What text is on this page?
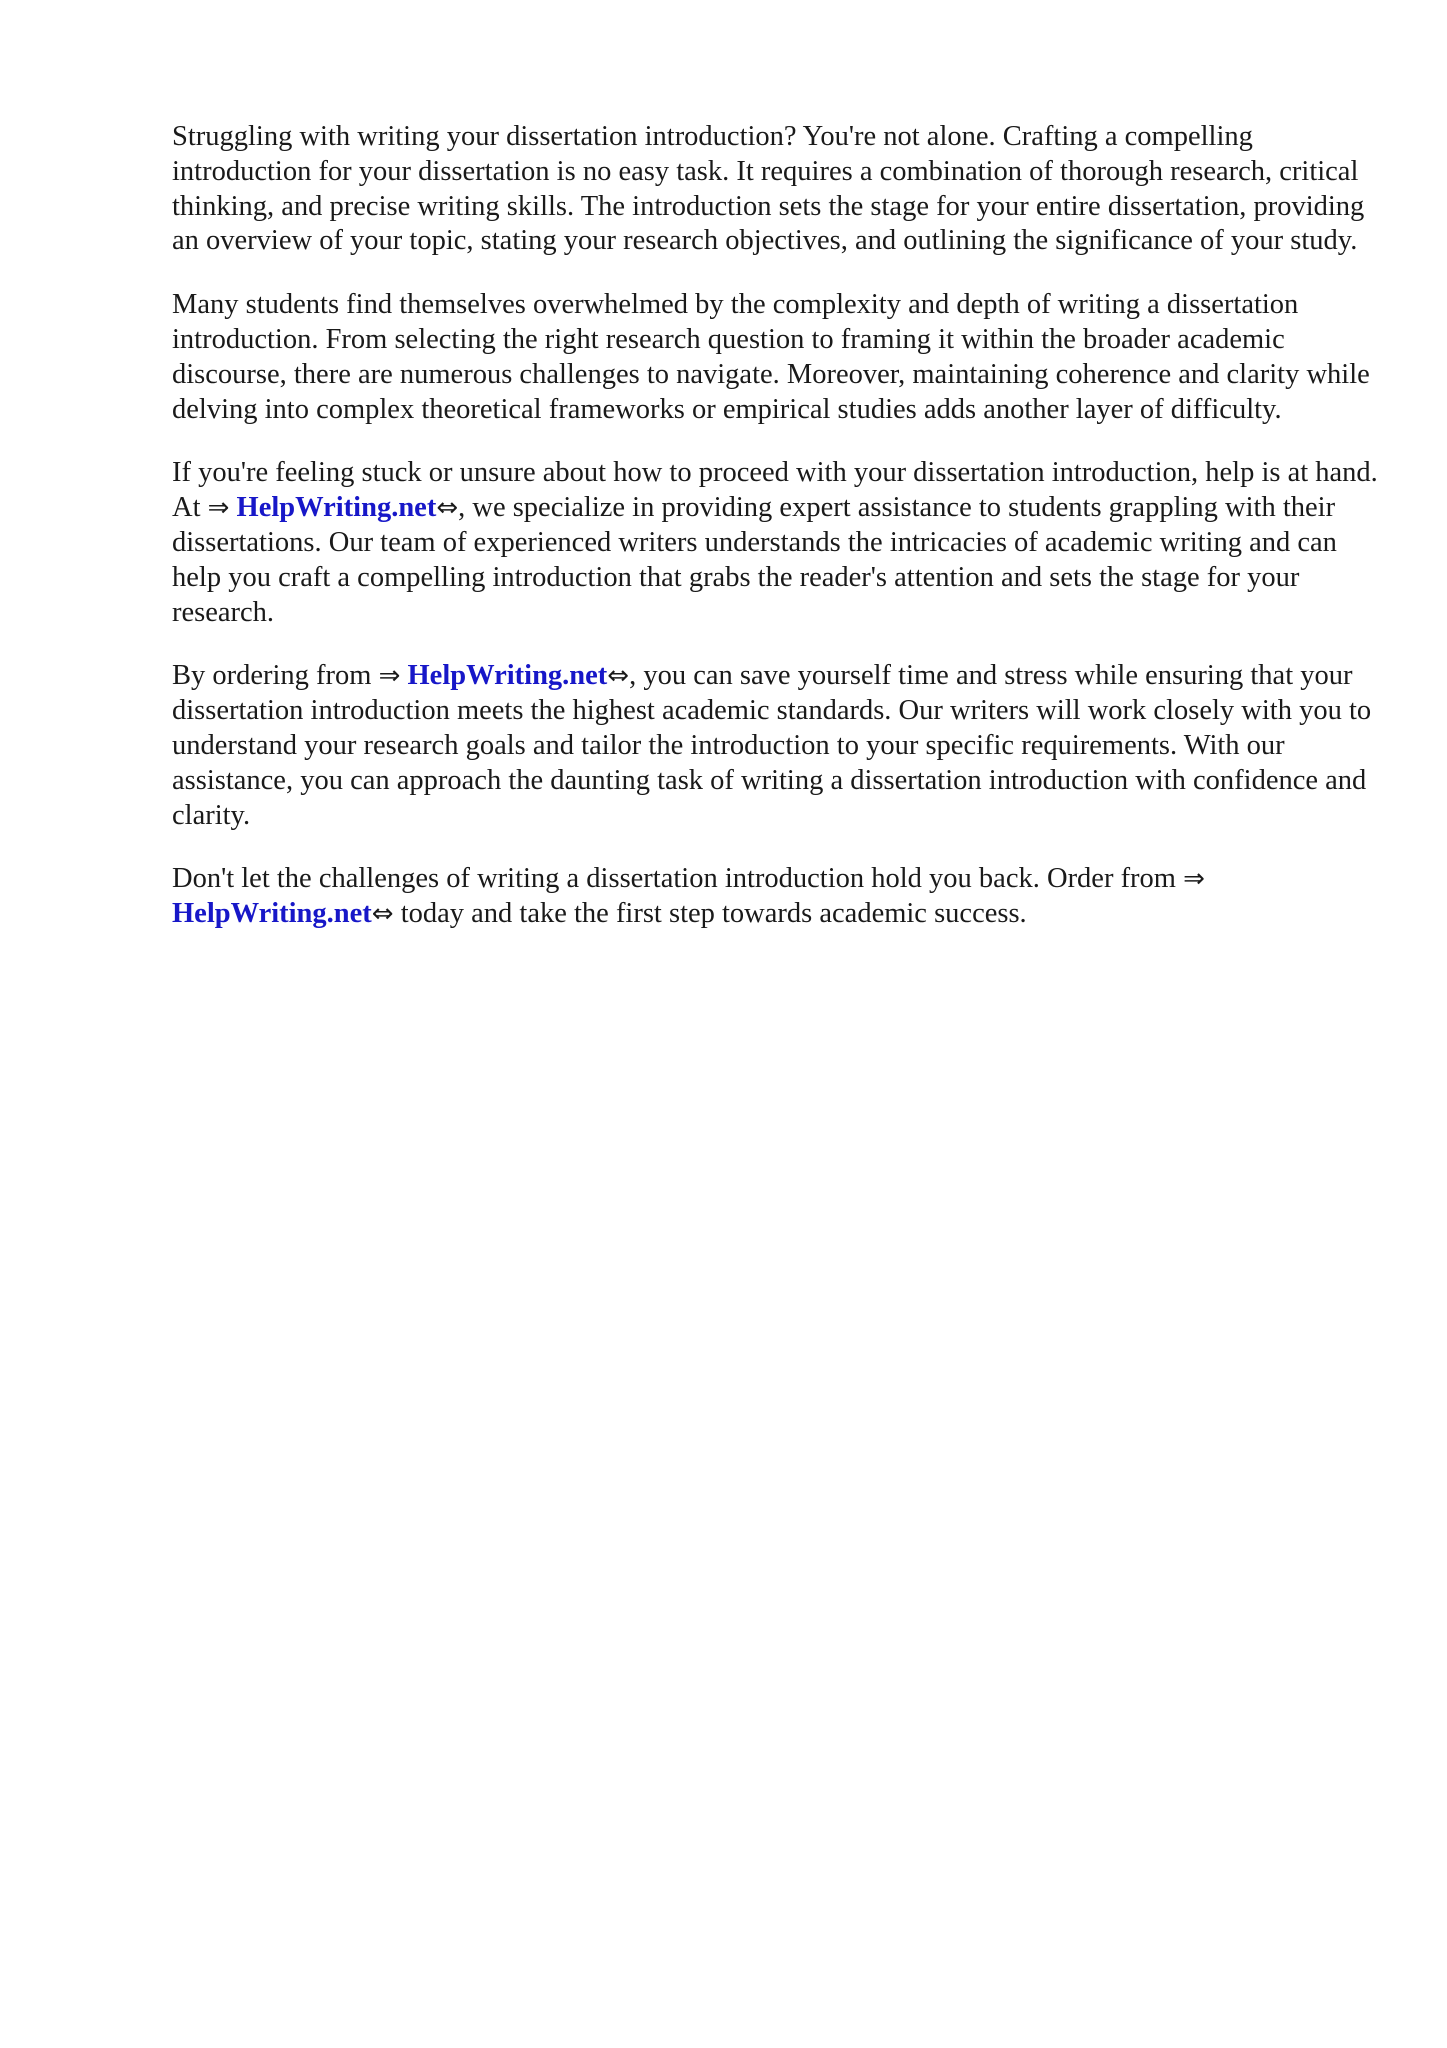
Struggling with writing your dissertation introduction? You're not alone. Crafting a compelling introduction for your dissertation is no easy task. It requires a combination of thorough research, critical thinking, and precise writing skills. The introduction sets the stage for your entire dissertation, providing an overview of your topic, stating your research objectives, and outlining the significance of your study.

Many students find themselves overwhelmed by the complexity and depth of writing a dissertation introduction. From selecting the right research question to framing it within the broader academic discourse, there are numerous challenges to navigate. Moreover, maintaining coherence and clarity while delving into complex theoretical frameworks or empirical studies adds another layer of difficulty.

If you're feeling stuck or unsure about how to proceed with your dissertation introduction, help is at hand. At ⇒ HelpWriting.net⇔, we specialize in providing expert assistance to students grappling with their dissertations. Our team of experienced writers understands the intricacies of academic writing and can help you craft a compelling introduction that grabs the reader's attention and sets the stage for your research.

By ordering from ⇒ HelpWriting.net⇔, you can save yourself time and stress while ensuring that your dissertation introduction meets the highest academic standards. Our writers will work closely with you to understand your research goals and tailor the introduction to your specific requirements. With our assistance, you can approach the daunting task of writing a dissertation introduction with confidence and clarity.

Don't let the challenges of writing a dissertation introduction hold you back. Order from ⇒ HelpWriting.net⇔ today and take the first step towards academic success.
